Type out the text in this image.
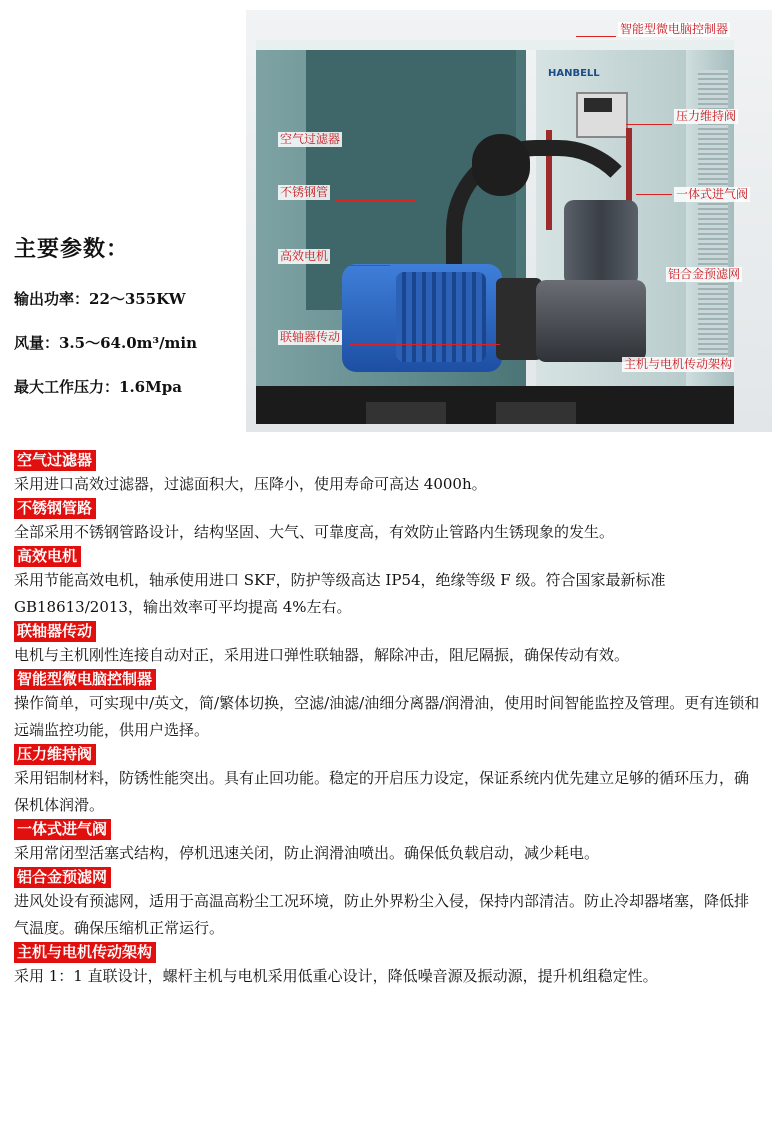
主要参数：

输出功率：22～355KW

风量：3.5～64.0m³/min

最大工作压力：1.6Mpa

HANBELL
智能型微电脑控制器
压力维持阀
一体式进气阀
铝合金预滤网
主机与电机传动架构
空气过滤器
不锈钢管
高效电机
联轴器传动
空气过滤器

采用进口高效过滤器，过滤面积大，压降小，使用寿命可高达 4000h。

不锈钢管路

全部采用不锈钢管路设计，结构坚固、大气、可靠度高，有效防止管路内生锈现象的发生。

高效电机

采用节能高效电机，轴承使用进口 SKF，防护等级高达 IP54，绝缘等级 F 级。符合国家最新标准 GB18613/2013，输出效率可平均提高 4%左右。

联轴器传动

电机与主机刚性连接自动对正，采用进口弹性联轴器，解除冲击，阻尼隔振，确保传动有效。

智能型微电脑控制器

操作简单，可实现中/英文，简/繁体切换，空滤/油滤/油细分离器/润滑油，使用时间智能监控及管理。更有连锁和远端监控功能，供用户选择。

压力维持阀

采用铝制材料，防锈性能突出。具有止回功能。稳定的开启压力设定，保证系统内优先建立足够的循环压力，确保机体润滑。

一体式进气阀

采用常闭型活塞式结构，停机迅速关闭，防止润滑油喷出。确保低负载启动，减少耗电。

铝合金预滤网

进风处设有预滤网，适用于高温高粉尘工况环境，防止外界粉尘入侵，保持内部清洁。防止冷却器堵塞，降低排气温度。确保压缩机正常运行。

主机与电机传动架构

采用 1：1 直联设计，螺杆主机与电机采用低重心设计，降低噪音源及振动源，提升机组稳定性。
